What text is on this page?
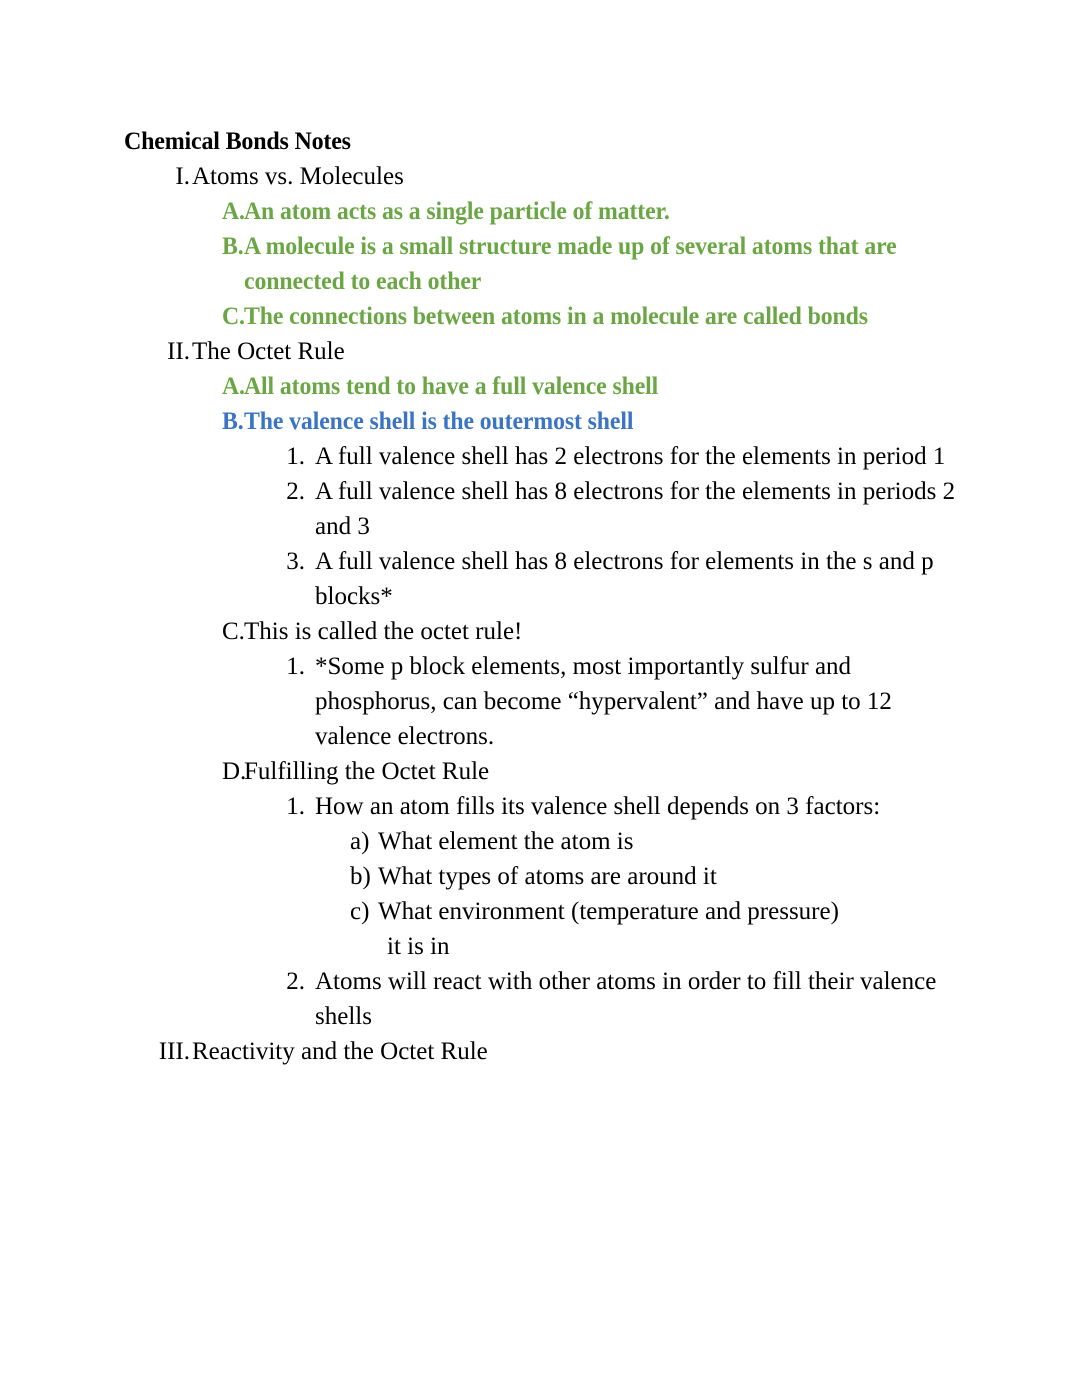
Chemical Bonds Notes
I. Atoms vs. Molecules
A. An atom acts as a single particle of matter.
B. A molecule is a small structure made up of several atoms that are connected to each other
C. The connections between atoms in a molecule are called bonds
II. The Octet Rule
A. All atoms tend to have a full valence shell
B. The valence shell is the outermost shell
1. A full valence shell has 2 electrons for the elements in period 1
2. A full valence shell has 8 electrons for the elements in periods 2 and 3
3. A full valence shell has 8 electrons for elements in the s and p blocks*
C. This is called the octet rule!
1. *Some p block elements, most importantly sulfur and phosphorus, can become “hypervalent” and have up to 12 valence electrons.
D.
Fulfilling the Octet Rule
1. How an atom fills its valence shell depends on 3 factors:
a) What element the atom is
b) What types of atoms are around it
c) What environment (temperature and pressure)
it is in
2. Atoms will react with other atoms in order to fill their valence shells
III. Reactivity and the Octet Rule
